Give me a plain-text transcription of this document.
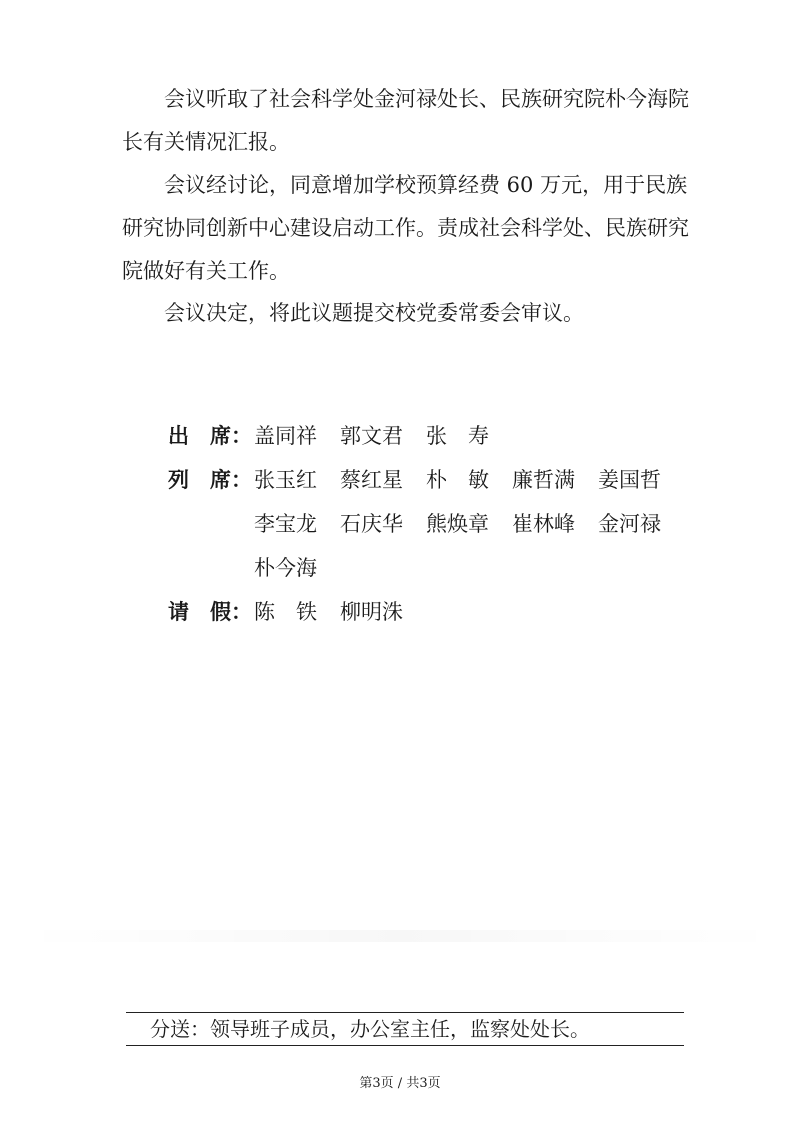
会议听取了社会科学处金河禄处长、民族研究院朴今海院长有关情况汇报。

会议经讨论，同意增加学校预算经费 60 万元，用于民族研究协同创新中心建设启动工作。责成社会科学处、民族研究院做好有关工作。

会议决定，将此议题提交校党委常委会审议。

出　席： 盖同祥	郭文君	张　寿
列　席： 张玉红	蔡红星	朴　敏	廉哲满	姜国哲
李宝龙	石庆华	熊焕章	崔林峰	金河禄
朴今海
请　假： 陈　铁	柳明洙
分送：领导班子成员，办公室主任，监察处处长。
第3页 / 共3页
